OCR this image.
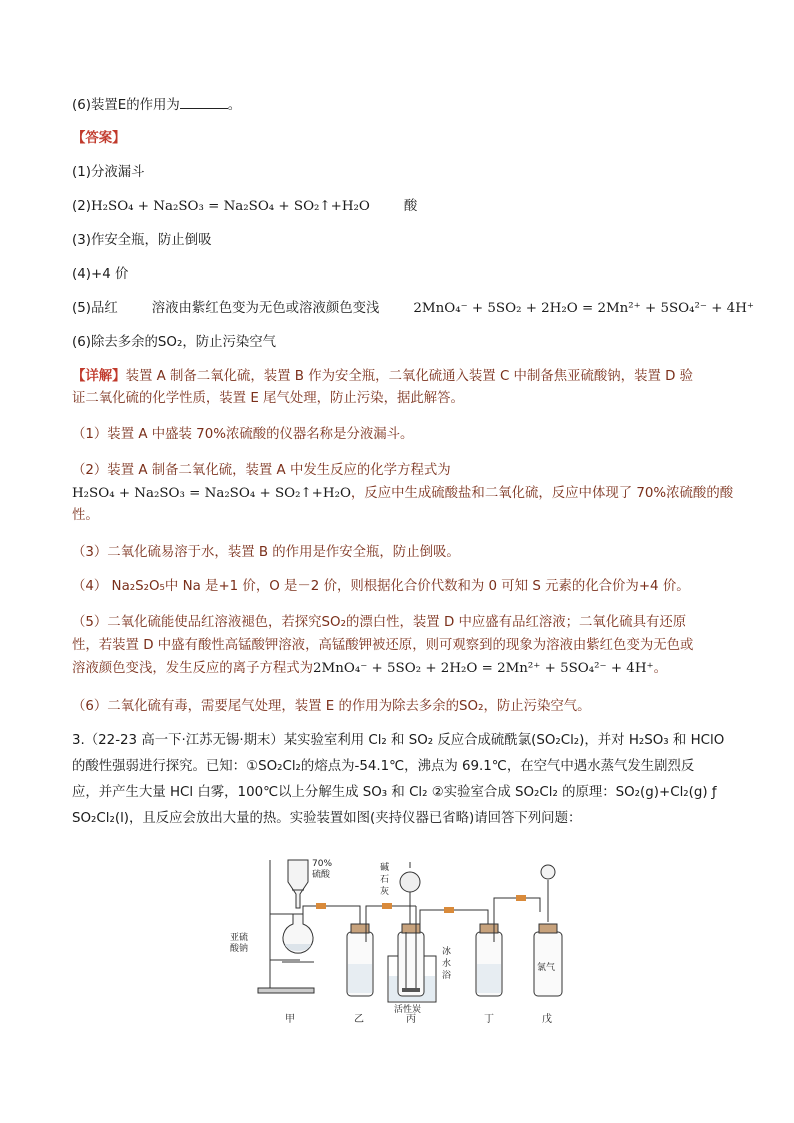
(6)装置E的作用为	。
【答案】
(1)分液漏斗
(2)H₂SO₄ + Na₂SO₃ = Na₂SO₄ + SO₂↑+H₂O	酸
(3)作安全瓶，防止倒吸
(4)+4 价
(5)品红	溶液由紫红色变为无色或溶液颜色变浅	2MnO₄⁻ + 5SO₂ + 2H₂O = 2Mn²⁺ + 5SO₄²⁻ + 4H⁺
(6)除去多余的SO₂，防止污染空气
【详解】装置 A 制备二氧化硫，装置 B 作为安全瓶，二氧化硫通入装置 C 中制备焦亚硫酸钠，装置 D 验
证二氧化硫的化学性质，装置 E 尾气处理，防止污染，据此解答。
（1）装置 A 中盛装 70%浓硫酸的仪器名称是分液漏斗。
（2）装置 A 制备二氧化硫，装置 A 中发生反应的化学方程式为
H₂SO₄ + Na₂SO₃ = Na₂SO₄ + SO₂↑+H₂O，反应中生成硫酸盐和二氧化硫，反应中体现了 70%浓硫酸的酸
性。
（3）二氧化硫易溶于水，装置 B 的作用是作安全瓶，防止倒吸。
（4） Na₂S₂O₅中 Na 是+1 价，O 是－2 价，则根据化合价代数和为 0 可知 S 元素的化合价为+4 价。
（5）二氧化硫能使品红溶液褪色，若探究SO₂的漂白性，装置 D 中应盛有品红溶液；二氧化硫具有还原
性，若装置 D 中盛有酸性高锰酸钾溶液，高锰酸钾被还原，则可观察到的现象为溶液由紫红色变为无色或
溶液颜色变浅，发生反应的离子方程式为2MnO₄⁻ + 5SO₂ + 2H₂O = 2Mn²⁺ + 5SO₄²⁻ + 4H⁺。
（6）二氧化硫有毒，需要尾气处理，装置 E 的作用为除去多余的SO₂，防止污染空气。
3.（22-23 高一下·江苏无锡·期末）某实验室利用 Cl₂ 和 SO₂ 反应合成硫酰氯(SO₂Cl₂)，并对 H₂SO₃ 和 HClO
的酸性强弱进行探究。已知：①SO₂Cl₂的熔点为-54.1℃，沸点为 69.1℃，在空气中遇水蒸气发生剧烈反
应，并产生大量 HCl 白雾，100℃以上分解生成 SO₃ 和 Cl₂ ②实验室合成 SO₂Cl₂ 的原理：SO₂(g)+Cl₂(g) ƒ
SO₂Cl₂(l)，且反应会放出大量的热。实验装置如图(夹持仪器已省略)请回答下列问题：
70%
硫酸
亚硫
酸钠
碱
石
灰
冰
水
浴
活性炭
氯气
甲	乙	丙	丁	戊
